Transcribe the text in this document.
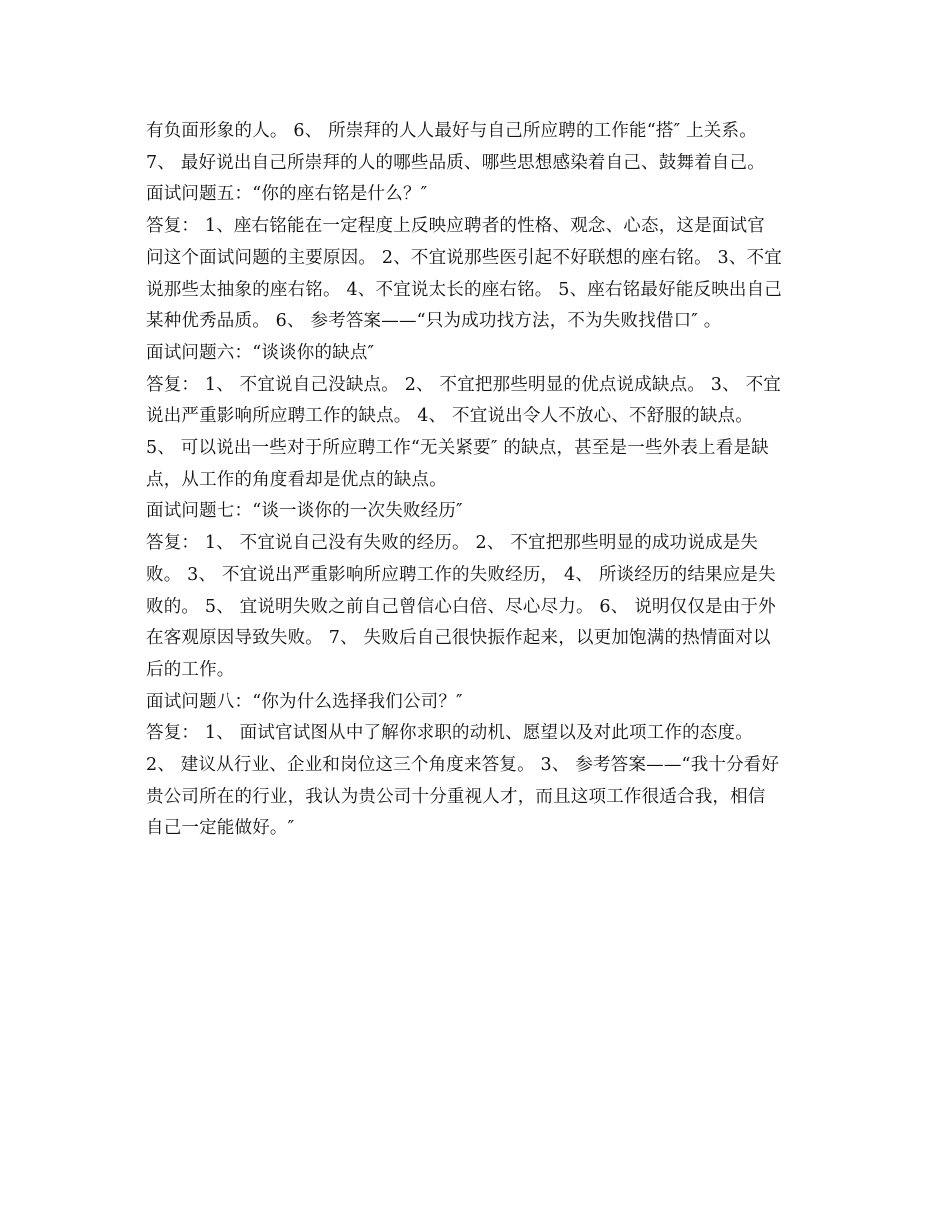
有负面形象的人。 6、 所崇拜的人人最好与自己所应聘的工作能“搭″ 上关系。
7、 最好说出自己所崇拜的人的哪些品质、哪些思想感染着自己、鼓舞着自己。
面试问题五：“你的座右铭是什么？″
答复： 1、座右铭能在一定程度上反映应聘者的性格、观念、心态，这是面试官
问这个面试问题的主要原因。 2、不宜说那些医引起不好联想的座右铭。 3、不宜
说那些太抽象的座右铭。 4、不宜说太长的座右铭。 5、座右铭最好能反映出自己
某种优秀品质。 6、 参考答案——“只为成功找方法，不为失败找借口″ 。
面试问题六：“谈谈你的缺点″
答复： 1、 不宜说自己没缺点。 2、 不宜把那些明显的优点说成缺点。 3、 不宜
说出严重影响所应聘工作的缺点。 4、 不宜说出令人不放心、不舒服的缺点。
5、 可以说出一些对于所应聘工作“无关紧要″ 的缺点，甚至是一些外表上看是缺
点，从工作的角度看却是优点的缺点。
面试问题七：“谈一谈你的一次失败经历″
答复： 1、 不宜说自己没有失败的经历。 2、 不宜把那些明显的成功说成是失
败。 3、 不宜说出严重影响所应聘工作的失败经历， 4、 所谈经历的结果应是失
败的。 5、 宜说明失败之前自己曾信心白倍、尽心尽力。 6、 说明仅仅是由于外
在客观原因导致失败。 7、 失败后自己很快振作起来，以更加饱满的热情面对以
后的工作。
面试问题八：“你为什么选择我们公司？″
答复： 1、 面试官试图从中了解你求职的动机、愿望以及对此项工作的态度。
2、 建议从行业、企业和岗位这三个角度来答复。 3、 参考答案——“我十分看好
贵公司所在的行业，我认为贵公司十分重视人才，而且这项工作很适合我，相信
自己一定能做好。″
